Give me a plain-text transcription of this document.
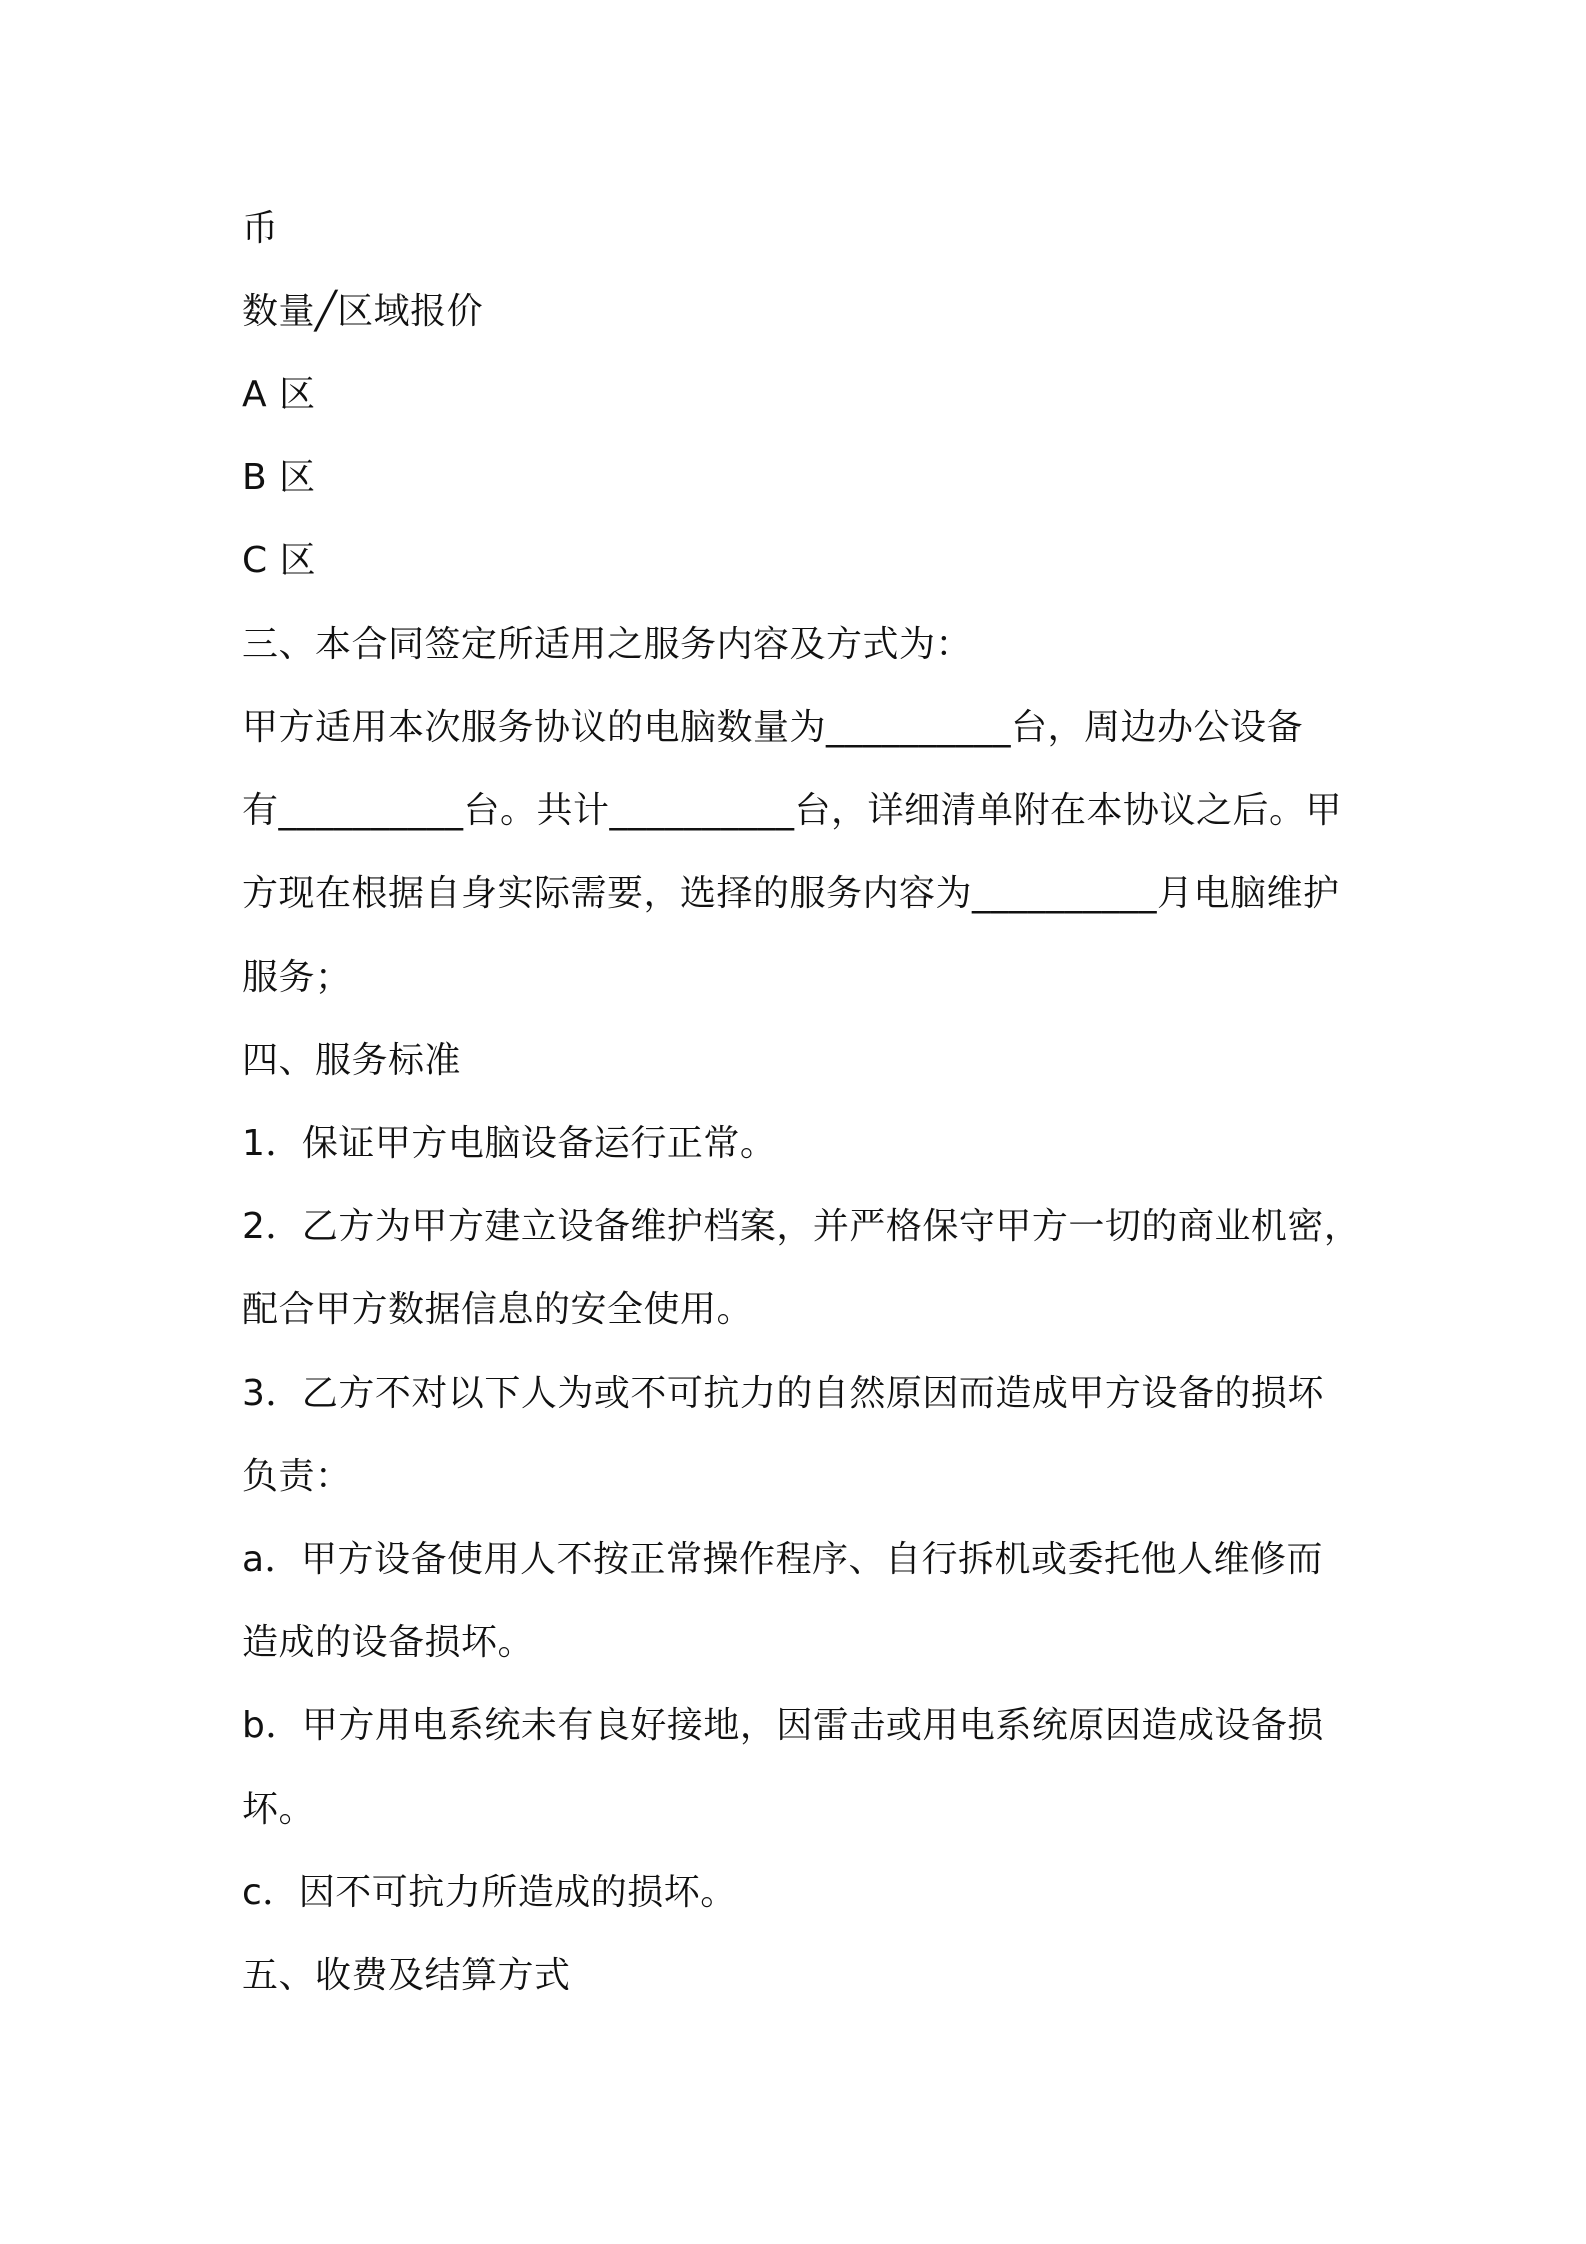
币
数量╱区域报价
A 区
B 区
C 区
三、本合同签定所适用之服务内容及方式为：
甲方适用本次服务协议的电脑数量为__________台，周边办公设备
有__________台。共计__________台，详细清单附在本协议之后。甲
方现在根据自身实际需要，选择的服务内容为__________月电脑维护
服务；
四、服务标准
1．保证甲方电脑设备运行正常。
2．乙方为甲方建立设备维护档案，并严格保守甲方一切的商业机密，
配合甲方数据信息的安全使用。
3．乙方不对以下人为或不可抗力的自然原因而造成甲方设备的损坏
负责：
a．甲方设备使用人不按正常操作程序、自行拆机或委托他人维修而
造成的设备损坏。
b．甲方用电系统未有良好接地，因雷击或用电系统原因造成设备损
坏。
c．因不可抗力所造成的损坏。
五、收费及结算方式
